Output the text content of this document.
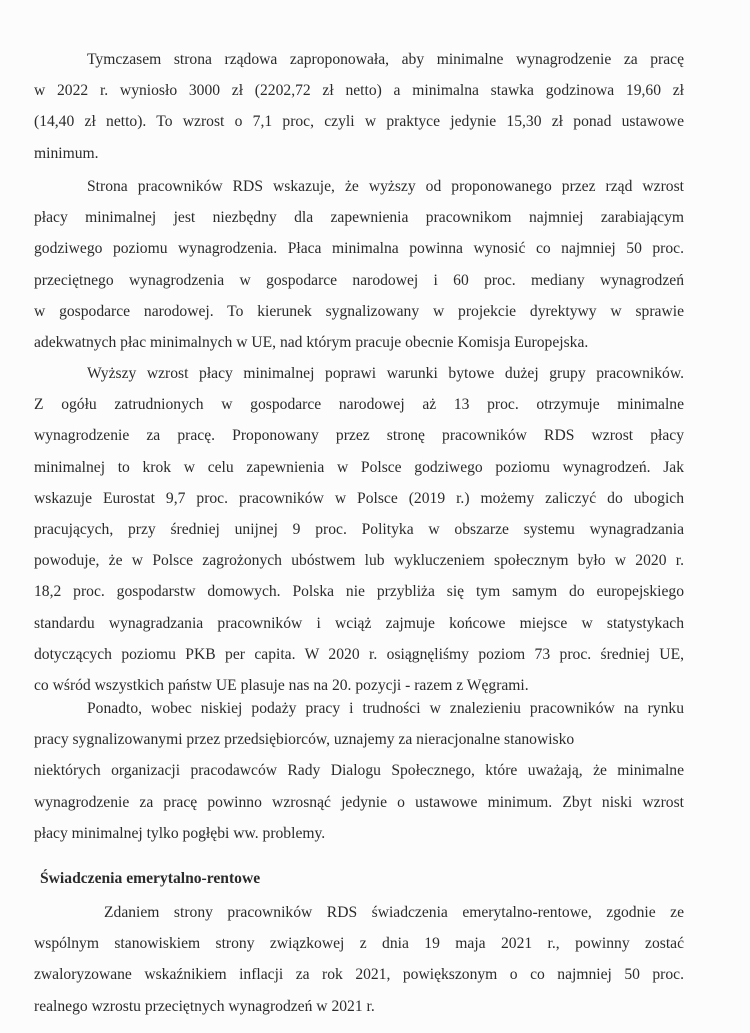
Tymczasem strona rządowa zaproponowała, aby minimalne wynagrodzenie za pracę
w 2022 r. wyniosło 3000 zł (2202,72 zł netto) a minimalna stawka godzinowa 19,60 zł
(14,40 zł netto). To wzrost o 7,1 proc, czyli w praktyce jedynie 15,30 zł ponad ustawowe
minimum.

Strona pracowników RDS wskazuje, że wyższy od proponowanego przez rząd wzrost
płacy minimalnej jest niezbędny dla zapewnienia pracownikom najmniej zarabiającym
godziwego poziomu wynagrodzenia. Płaca minimalna powinna wynosić co najmniej 50 proc.
przeciętnego wynagrodzenia w gospodarce narodowej i 60 proc. mediany wynagrodzeń
w gospodarce narodowej. To kierunek sygnalizowany w projekcie dyrektywy w sprawie
adekwatnych płac minimalnych w UE, nad którym pracuje obecnie Komisja Europejska.

Wyższy wzrost płacy minimalnej poprawi warunki bytowe dużej grupy pracowników.
Z ogółu zatrudnionych w gospodarce narodowej aż 13 proc. otrzymuje minimalne
wynagrodzenie za pracę. Proponowany przez stronę pracowników RDS wzrost płacy
minimalnej to krok w celu zapewnienia w Polsce godziwego poziomu wynagrodzeń. Jak
wskazuje Eurostat 9,7 proc. pracowników w Polsce (2019 r.) możemy zaliczyć do ubogich
pracujących, przy średniej unijnej 9 proc. Polityka w obszarze systemu wynagradzania
powoduje, że w Polsce zagrożonych ubóstwem lub wykluczeniem społecznym było w 2020 r.
18,2 proc. gospodarstw domowych. Polska nie przybliża się tym samym do europejskiego
standardu wynagradzania pracowników i wciąż zajmuje końcowe miejsce w statystykach
dotyczących poziomu PKB per capita. W 2020 r. osiągnęliśmy poziom 73 proc. średniej UE,
co wśród wszystkich państw UE plasuje nas na 20. pozycji - razem z Węgrami.

Ponadto, wobec niskiej podaży pracy i trudności w znalezieniu pracowników na rynku
pracy sygnalizowanymi przez przedsiębiorców, uznajemy za nieracjonalne stanowisko
niektórych organizacji pracodawców Rady Dialogu Społecznego, które uważają, że minimalne
wynagrodzenie za pracę powinno wzrosnąć jedynie o ustawowe minimum. Zbyt niski wzrost
płacy minimalnej tylko pogłębi ww. problemy.

Świadczenia emerytalno-rentowe

Zdaniem strony pracowników RDS świadczenia emerytalno-rentowe, zgodnie ze
wspólnym stanowiskiem strony związkowej z dnia 19 maja 2021 r., powinny zostać
zwaloryzowane wskaźnikiem inflacji za rok 2021, powiększonym o co najmniej 50 proc.
realnego wzrostu przeciętnych wynagrodzeń w 2021 r.
